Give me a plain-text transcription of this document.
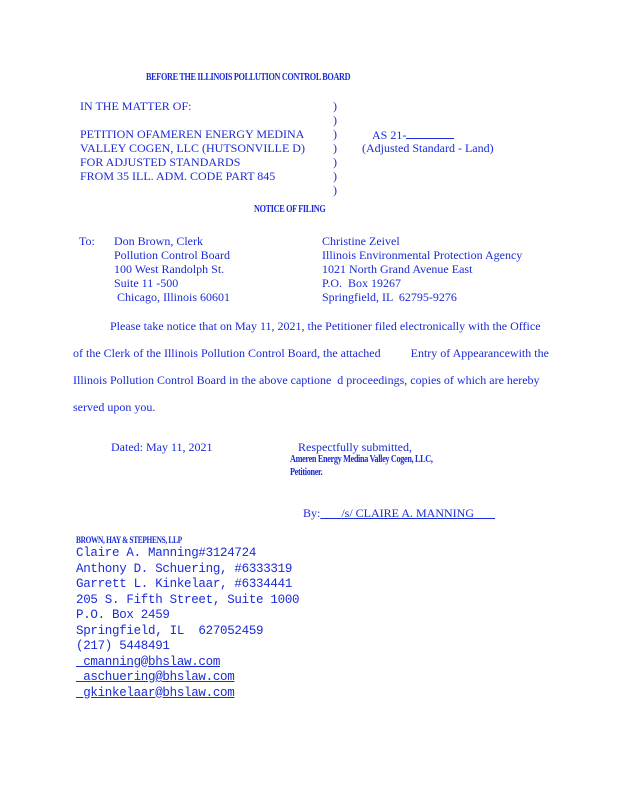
BEFORE THE ILLINOIS POLLUTION CONTROL BOARD
IN THE MATTER OF:
PETITION OFAMEREN ENERGY MEDINA
VALLEY COGEN, LLC (HUTSONVILLE D)
FOR ADJUSTED STANDARDS
FROM 35 ILL. ADM. CODE PART 845
)
)
)
)
)
)
)
AS 21-
(Adjusted Standard - Land)
NOTICE OF FILING
To: Don Brown, Clerk
Pollution Control Board
100 West Randolph St.
Suite 11 -500
Chicago, Illinois 60601
Christine Zeivel
Illinois Environmental Protection Agency
1021 North Grand Avenue East
P.O.  Box 19267
Springfield, IL  62795-9276
Please take notice that on May 11, 2021, the Petitioner filed electronically with the Office
of the Clerk of the Illinois Pollution Control Board, the attached          Entry of Appearancewith the
Illinois Pollution Control Board in the above captione  d proceedings, copies of which are hereby
served upon you.
Dated: May 11, 2021	Respectfully submitted,
Ameren Energy Medina Valley Cogen, LLC,
Petitioner.
By: /s/ CLAIRE A. MANNING
BROWN, HAY & STEPHENS, LLP
Claire A. Manning#3124724
Anthony D. Schuering, #6333319
Garrett L. Kinkelaar, #6334441
205 S. Fifth Street, Suite 1000
P.O. Box 2459
Springfield, IL  627052459
(217) 5448491
cmanning@bhslaw.com
aschuering@bhslaw.com
gkinkelaar@bhslaw.com
